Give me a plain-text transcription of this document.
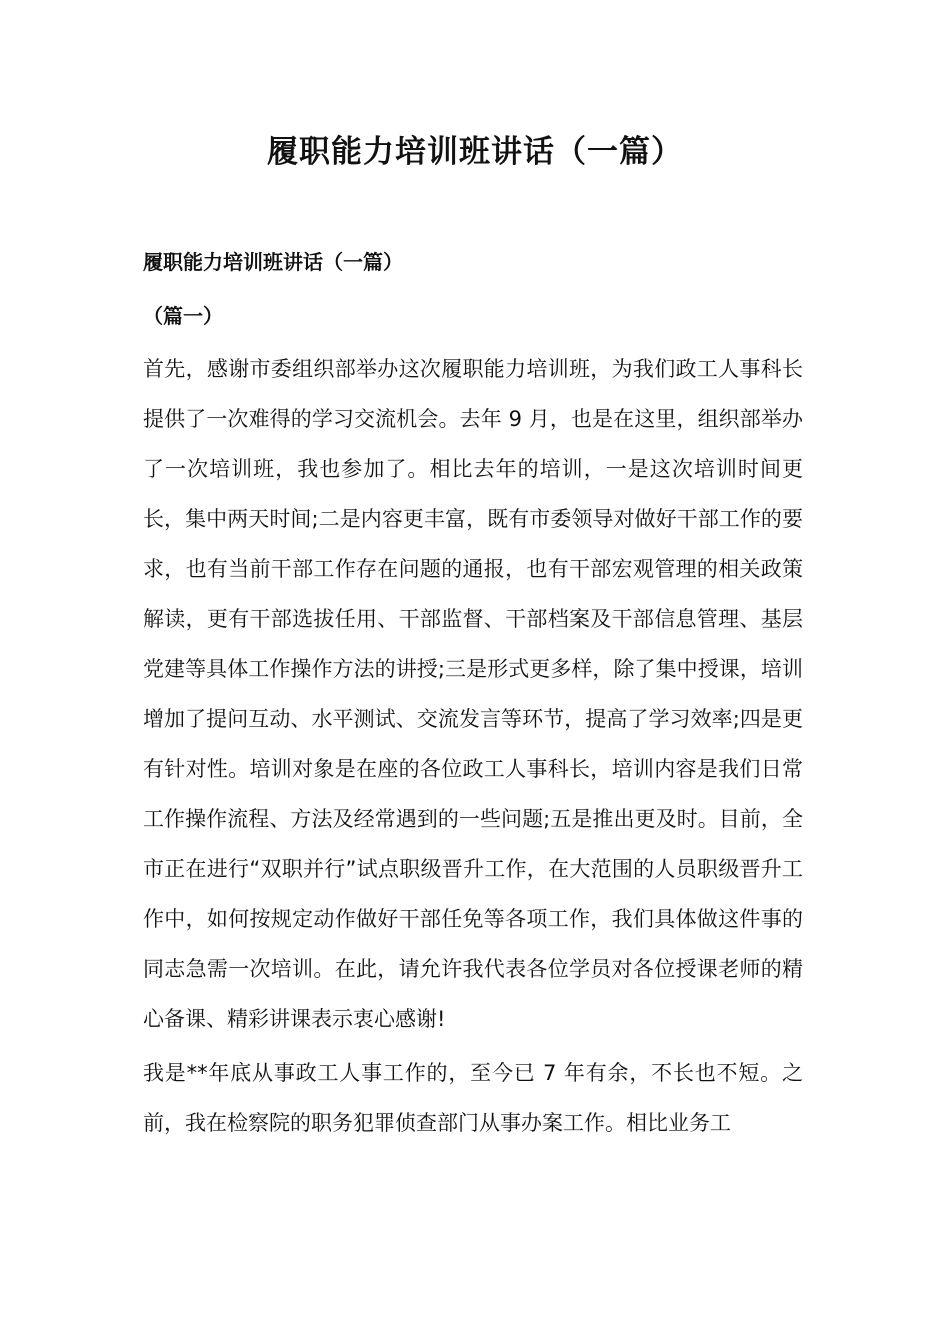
履职能力培训班讲话（一篇）
履职能力培训班讲话（一篇）
（篇一）

首先，感谢市委组织部举办这次履职能力培训班，为我们政工人事科长提供了一次难得的学习交流机会。去年 9 月，也是在这里，组织部举办了一次培训班，我也参加了。相比去年的培训，一是这次培训时间更长，集中两天时间;二是内容更丰富，既有市委领导对做好干部工作的要求，也有当前干部工作存在问题的通报，也有干部宏观管理的相关政策解读，更有干部选拔任用、干部监督、干部档案及干部信息管理、基层党建等具体工作操作方法的讲授;三是形式更多样，除了集中授课，培训增加了提问互动、水平测试、交流发言等环节，提高了学习效率;四是更有针对性。培训对象是在座的各位政工人事科长，培训内容是我们日常工作操作流程、方法及经常遇到的一些问题;五是推出更及时。目前，全市正在进行“双职并行”试点职级晋升工作，在大范围的人员职级晋升工作中，如何按规定动作做好干部任免等各项工作，我们具体做这件事的同志急需一次培训。在此，请允许我代表各位学员对各位授课老师的精心备课、精彩讲课表示衷心感谢!

我是**年底从事政工人事工作的，至今已 7 年有余，不长也不短。之前，我在检察院的职务犯罪侦查部门从事办案工作。相比业务工
